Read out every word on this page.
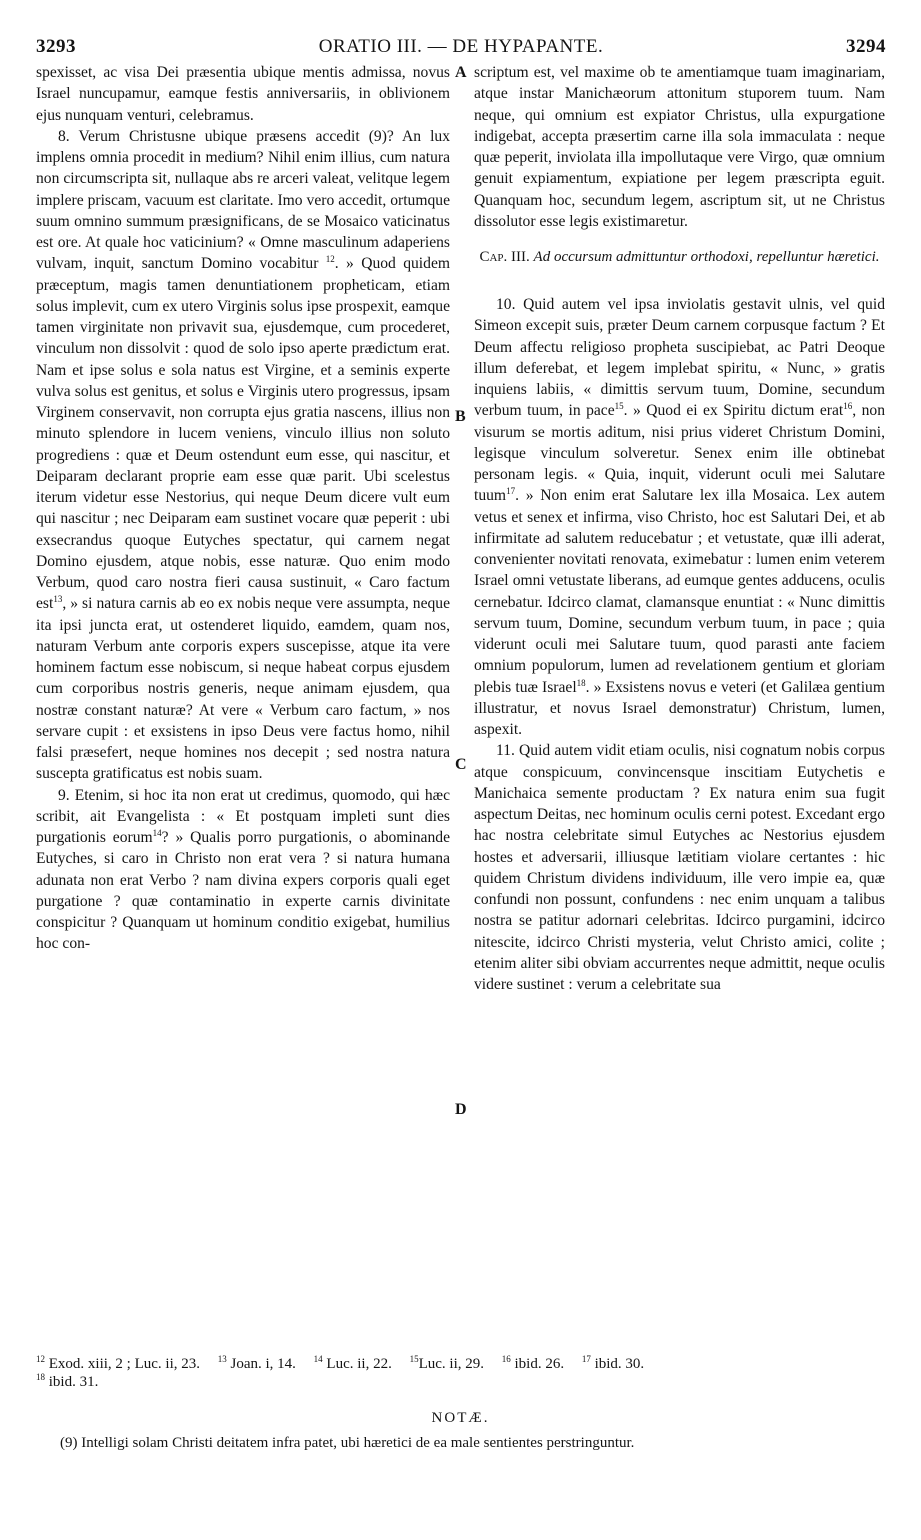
3293	ORATIO III. — DE HYPAPANTE.	3294
A
B
C
D

spexisset, ac visa Dei præsentia ubique mentis admissa, novus Israel nuncupamur, eamque festis anniversariis, in oblivionem ejus nunquam venturi, celebramus.

8. Verum Christusne ubique præsens accedit (9)? An lux implens omnia procedit in medium? Nihil enim illius, cum natura non circumscripta sit, nullaque abs re arceri valeat, velitque legem implere priscam, vacuum est claritate. Imo vero accedit, ortumque suum omnino summum præsignificans, de se Mosaico vaticinatus est ore. At quale hoc vaticinium? « Omne masculinum adaperiens vulvam, inquit, sanctum Domino vocabitur $^{12}$. » Quod quidem præceptum, magis tamen denuntiationem propheticam, etiam solus implevit, cum ex utero Virginis solus ipse prospexit, eamque tamen virginitate non privavit sua, ejusdemque, cum procederet, vinculum non dissolvit : quod de solo ipso aperte prædictum erat. Nam et ipse solus e sola natus est Virgine, et a seminis experte vulva solus est genitus, et solus e Virginis utero progressus, ipsam Virginem conservavit, non corrupta ejus gratia nascens, illius non minuto splendore in lucem veniens, vinculo illius non soluto progrediens : quæ et Deum ostendunt eum esse, qui nascitur, et Deiparam declarant proprie eam esse quæ parit. Ubi scelestus iterum videtur esse Nestorius, qui neque Deum dicere vult eum qui nascitur ; nec Deiparam eam sustinet vocare quæ peperit : ubi exsecrandus quoque Eutyches spectatur, qui carnem negat Domino ejusdem, atque nobis, esse naturæ. Quo enim modo Verbum, quod caro nostra fieri causa sustinuit, « Caro factum est$^{13}$, » si natura carnis ab eo ex nobis neque vere assumpta, neque ita ipsi juncta erat, ut ostenderet liquido, eamdem, quam nos, naturam Verbum ante corporis expers suscepisse, atque ita vere hominem factum esse nobiscum, si neque habeat corpus ejusdem cum corporibus nostris generis, neque animam ejusdem, qua nostræ constant naturæ? At vere « Verbum caro factum, » nos servare cupit : et exsistens in ipso Deus vere factus homo, nihil falsi præsefert, neque homines nos decepit ; sed nostra natura suscepta gratificatus est nobis suam.

9. Etenim, si hoc ita non erat ut credimus, quomodo, qui hæc scribit, ait Evangelista : « Et postquam impleti sunt dies purgationis eorum$^{14}$? » Qualis porro purgationis, o abominande Eutyches, si caro in Christo non erat vera ? si natura humana adunata non erat Verbo ? nam divina expers corporis quali eget purgatione ? quæ contaminatio in experte carnis divinitate conspicitur ? Quanquam ut hominum conditio exigebat, humilius hoc con-

scriptum est, vel maxime ob te amentiamque tuam imaginariam, atque instar Manichæorum attonitum stuporem tuum. Nam neque, qui omnium est expiator Christus, ulla expurgatione indigebat, accepta præsertim carne illa sola immaculata : neque quæ peperit, inviolata illa impollutaque vere Virgo, quæ omnium genuit expiamentum, expiatione per legem præscripta eguit. Quanquam hoc, secundum legem, ascriptum sit, ut ne Christus dissolutor esse legis existimaretur.

Cap. III. Ad occursum admittuntur orthodoxi, repelluntur hæretici.

10. Quid autem vel ipsa inviolatis gestavit ulnis, vel quid Simeon excepit suis, præter Deum carnem corpusque factum ? Et Deum affectu religioso propheta suscipiebat, ac Patri Deoque illum deferebat, et legem implebat spiritu, « Nunc, » gratis inquiens labiis, « dimittis servum tuum, Domine, secundum verbum tuum, in pace$^{15}$. » Quod ei ex Spiritu dictum erat$^{16}$, non visurum se mortis aditum, nisi prius videret Christum Domini, legisque vinculum solveretur. Senex enim ille obtinebat personam legis. « Quia, inquit, viderunt oculi mei Salutare tuum$^{17}$. » Non enim erat Salutare lex illa Mosaica. Lex autem vetus et senex et infirma, viso Christo, hoc est Salutari Dei, et ab infirmitate ad salutem reducebatur ; et vetustate, quæ illi aderat, convenienter novitati renovata, eximebatur : lumen enim veterem Israel omni vetustate liberans, ad eumque gentes adducens, oculis cernebatur. Idcirco clamat, clamansque enuntiat : « Nunc dimittis servum tuum, Domine, secundum verbum tuum, in pace ; quia viderunt oculi mei Salutare tuum, quod parasti ante faciem omnium populorum, lumen ad revelationem gentium et gloriam plebis tuæ Israel$^{18}$. » Exsistens novus e veteri (et Galilæa gentium illustratur, et novus Israel demonstratur) Christum, lumen, aspexit.

11. Quid autem vidit etiam oculis, nisi cognatum nobis corpus atque conspicuum, convincensque inscitiam Eutychetis e Manichaica semente productam ? Ex natura enim sua fugit aspectum Deitas, nec hominum oculis cerni potest. Excedant ergo hac nostra celebritate simul Eutyches ac Nestorius ejusdem hostes et adversarii, illiusque lætitiam violare certantes : hic quidem Christum dividens individuum, ille vero impie ea, quæ confundi non possunt, confundens : nec enim unquam a talibus nostra se patitur adornari celebritas. Idcirco purgamini, idcirco nitescite, idcirco Christi mysteria, velut Christo amici, colite ; etenim aliter sibi obviam accurrentes neque admittit, neque oculis videre sustinet : verum a celebritate sua

$^{12}$ Exod. xiii, 2 ; Luc. ii, 23. $^{13}$ Joan. i, 14. $^{14}$ Luc. ii, 22. $^{15}$Luc. ii, 29. $^{16}$ ibid. 26. $^{17}$ ibid. 30.
$^{18}$ ibid. 31.
NOTÆ.
(9) Intelligi solam Christi deitatem infra patet, ubi hæretici de ea male sentientes perstringuntur.
